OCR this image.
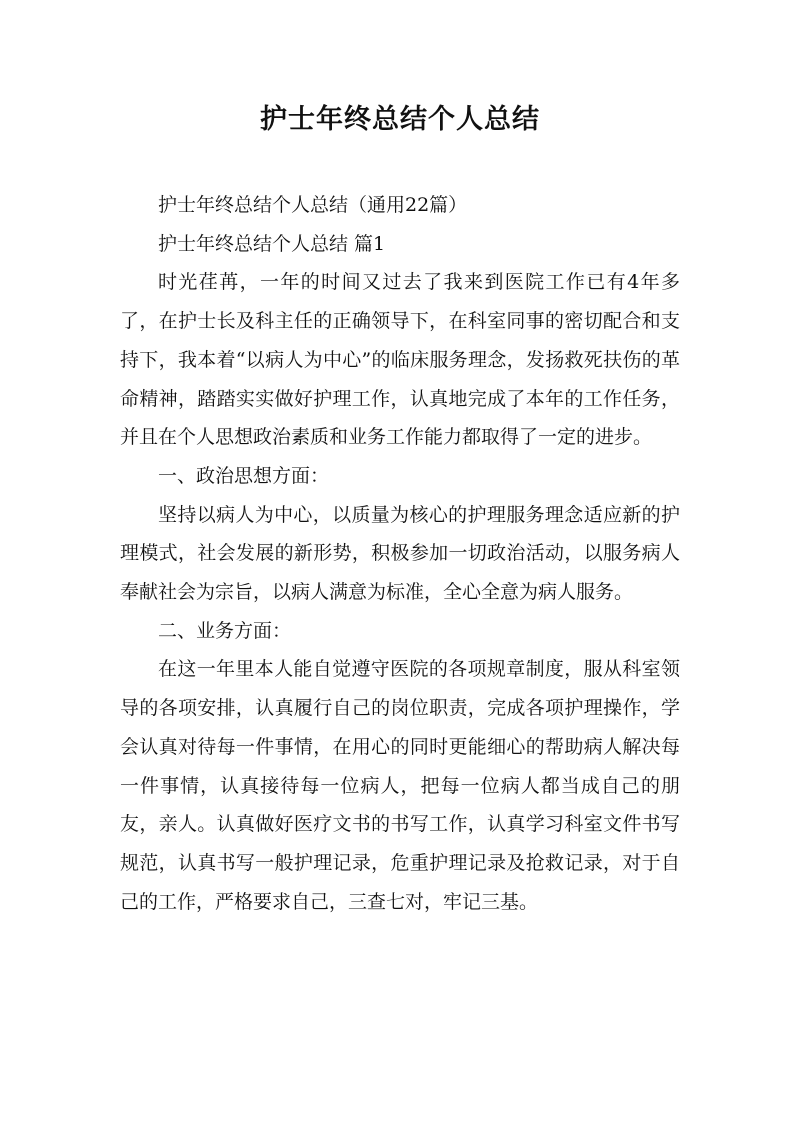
护士年终总结个人总结

护士年终总结个人总结（通用22篇）

护士年终总结个人总结 篇1

时光荏苒，一年的时间又过去了我来到医院工作已有4年多了，在护士长及科主任的正确领导下，在科室同事的密切配合和支持下，我本着“以病人为中心”的临床服务理念，发扬救死扶伤的革命精神，踏踏实实做好护理工作，认真地完成了本年的工作任务，并且在个人思想政治素质和业务工作能力都取得了一定的进步。

一、政治思想方面：

坚持以病人为中心，以质量为核心的护理服务理念适应新的护理模式，社会发展的新形势，积极参加一切政治活动，以服务病人奉献社会为宗旨，以病人满意为标准，全心全意为病人服务。

二、业务方面：

在这一年里本人能自觉遵守医院的各项规章制度，服从科室领导的各项安排，认真履行自己的岗位职责，完成各项护理操作，学会认真对待每一件事情，在用心的同时更能细心的帮助病人解决每一件事情，认真接待每一位病人，把每一位病人都当成自己的朋友，亲人。认真做好医疗文书的书写工作，认真学习科室文件书写规范，认真书写一般护理记录，危重护理记录及抢救记录，对于自己的工作，严格要求自己，三查七对，牢记三基。
